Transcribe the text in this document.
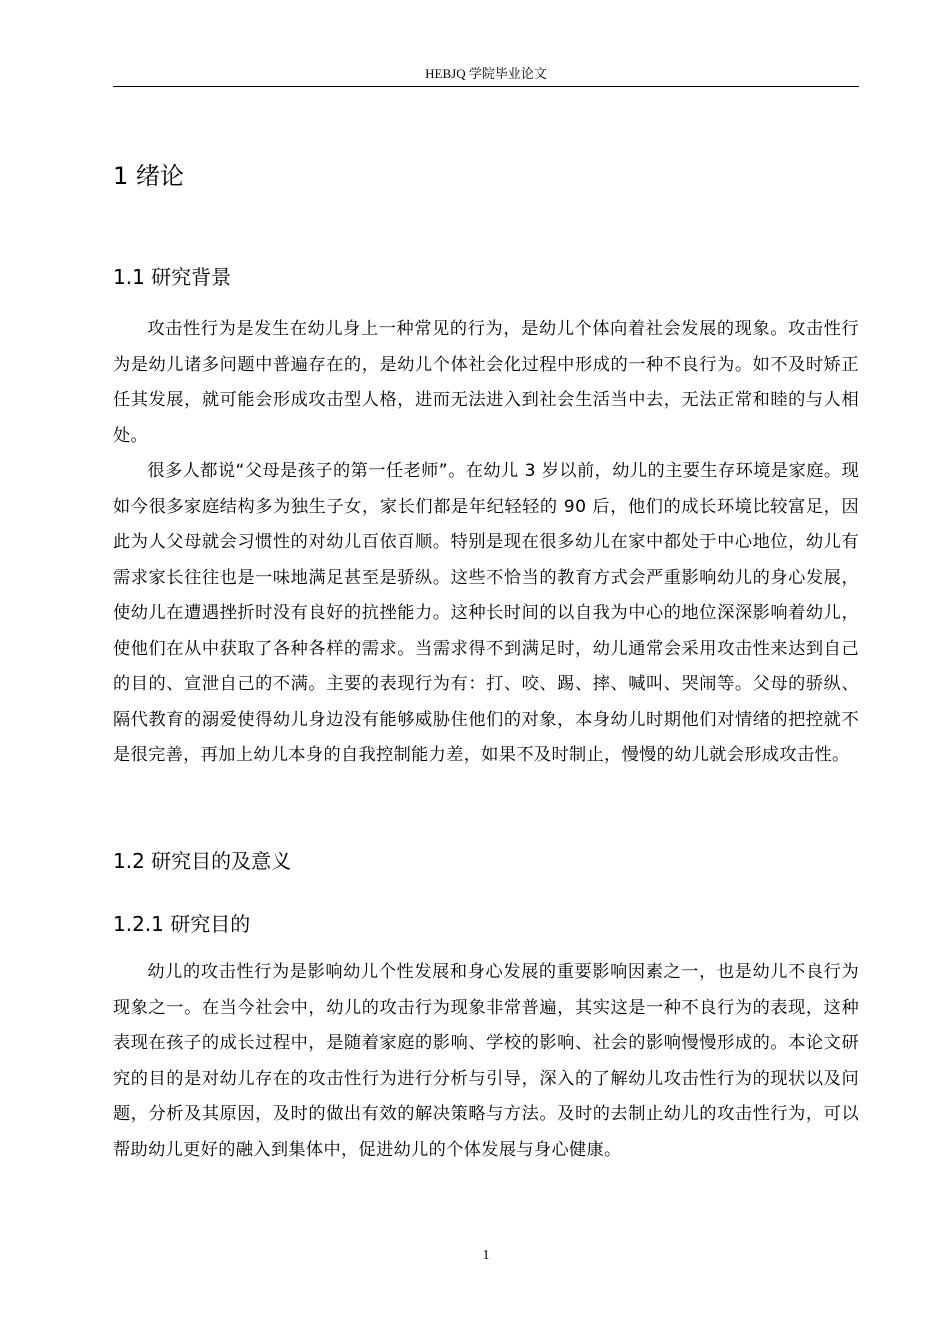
HEBJQ 学院毕业论文
1 绪论
1.1 研究背景

攻击性行为是发生在幼儿身上一种常见的行为，是幼儿个体向着社会发展的现象。攻击性行为是幼儿诸多问题中普遍存在的，是幼儿个体社会化过程中形成的一种不良行为。如不及时矫正任其发展，就可能会形成攻击型人格，进而无法进入到社会生活当中去，无法正常和睦的与人相处。

很多人都说“父母是孩子的第一任老师”。在幼儿 3 岁以前，幼儿的主要生存环境是家庭。现如今很多家庭结构多为独生子女，家长们都是年纪轻轻的 90 后，他们的成长环境比较富足，因此为人父母就会习惯性的对幼儿百依百顺。特别是现在很多幼儿在家中都处于中心地位，幼儿有需求家长往往也是一味地满足甚至是骄纵。这些不恰当的教育方式会严重影响幼儿的身心发展，使幼儿在遭遇挫折时没有良好的抗挫能力。这种长时间的以自我为中心的地位深深影响着幼儿，使他们在从中获取了各种各样的需求。当需求得不到满足时，幼儿通常会采用攻击性来达到自己的目的、宣泄自己的不满。主要的表现行为有：打、咬、踢、摔、喊叫、哭闹等。父母的骄纵、隔代教育的溺爱使得幼儿身边没有能够威胁住他们的对象，本身幼儿时期他们对情绪的把控就不是很完善，再加上幼儿本身的自我控制能力差，如果不及时制止，慢慢的幼儿就会形成攻击性。

1.2 研究目的及意义
1.2.1 研究目的

幼儿的攻击性行为是影响幼儿个性发展和身心发展的重要影响因素之一，也是幼儿不良行为现象之一。在当今社会中，幼儿的攻击行为现象非常普遍，其实这是一种不良行为的表现，这种表现在孩子的成长过程中，是随着家庭的影响、学校的影响、社会的影响慢慢形成的。本论文研究的目的是对幼儿存在的攻击性行为进行分析与引导，深入的了解幼儿攻击性行为的现状以及问题，分析及其原因，及时的做出有效的解决策略与方法。及时的去制止幼儿的攻击性行为，可以帮助幼儿更好的融入到集体中，促进幼儿的个体发展与身心健康。

1
